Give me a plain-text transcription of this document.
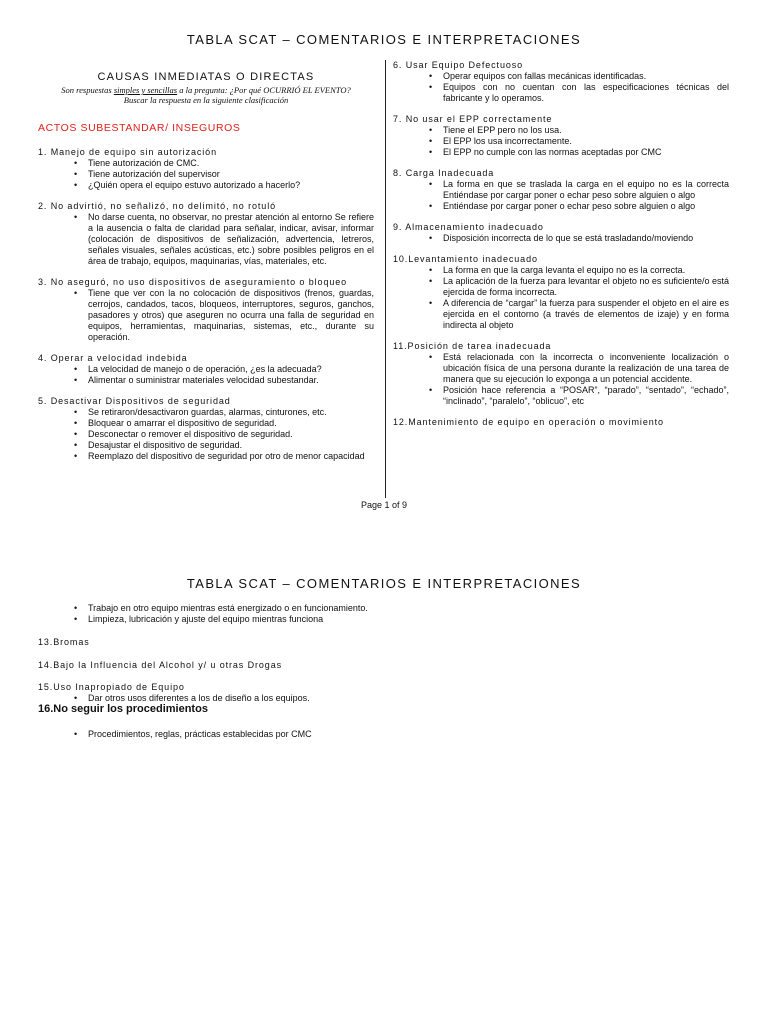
TABLA SCAT – COMENTARIOS E INTERPRETACIONES
CAUSAS INMEDIATAS O DIRECTAS
Son respuestas simples y sencillas a la pregunta: ¿Por qué OCURRIÓ EL EVENTO?
Buscar la respuesta en la siguiente clasificación
ACTOS SUBESTANDAR/ INSEGUROS
1. Manejo de equipo sin autorización
• Tiene autorización de CMC.
• Tiene autorización del supervisor
• ¿Quién opera el equipo estuvo autorizado a hacerlo?
2. No advirtió, no señalizó, no delimitó, no rotuló
• No darse cuenta, no observar, no prestar atención al entorno Se refiere a la ausencia o falta de claridad para señalar, indicar, avisar, informar (colocación de dispositivos de señalización, advertencia, letreros, señales visuales, señales acústicas, etc.) sobre posibles peligros en el área de trabajo, equipos, maquinarias, vías, materiales, etc.
3. No aseguró, no uso dispositivos de aseguramiento o bloqueo
• Tiene que ver con la no colocación de dispositivos (frenos, guardas, cerrojos, candados, tacos, bloqueos, interruptores, seguros, ganchos, pasadores y otros) que aseguren no ocurra una falla de seguridad en equipos, herramientas, maquinarias, sistemas, etc., durante su operación.
4. Operar a velocidad indebida
• La velocidad de manejo o de operación, ¿es la adecuada?
• Alimentar o suministrar materiales velocidad subestandar.
5. Desactivar Dispositivos de seguridad
• Se retiraron/desactivaron guardas, alarmas, cinturones, etc.
• Bloquear o amarrar el dispositivo de seguridad.
• Desconectar o remover el dispositivo de seguridad.
• Desajustar el dispositivo de seguridad.
• Reemplazo del dispositivo de seguridad por otro de menor capacidad
6. Usar Equipo Defectuoso
• Operar equipos con fallas mecánicas identificadas.
• Equipos con no cuentan con las especificaciones técnicas del fabricante y lo operamos.
7. No usar el EPP correctamente
• Tiene el EPP pero no los usa.
• El EPP los usa incorrectamente.
• El EPP no cumple con las normas aceptadas por CMC
8. Carga Inadecuada
• La forma en que se traslada la carga en el equipo no es la correcta Entiéndase por cargar poner o echar peso sobre alguien o algo
• Entiéndase por cargar poner o echar peso sobre alguien o algo
9. Almacenamiento inadecuado
• Disposición incorrecta de lo que se está trasladando/moviendo
10.Levantamiento inadecuado
• La forma en que la carga levanta el equipo no es la correcta.
• La aplicación de la fuerza para levantar el objeto no es suficiente/o está ejercida de forma incorrecta.
• A diferencia de “cargar” la fuerza para suspender el objeto en el aire es ejercida en el contorno (a través de elementos de izaje) y en forma indirecta al objeto
11.Posición de tarea inadecuada
• Está relacionada con la incorrecta o inconveniente localización o ubicación física de una persona durante la realización de una tarea de manera que su ejecución lo exponga a un potencial accidente.
• Posición hace referencia a “POSAR”, “parado”, “sentado”, “echado”, “inclinado”, “paralelo”, “oblicuo”, etc
12.Mantenimiento de equipo en operación o movimiento
Page 1 of 9
TABLA SCAT – COMENTARIOS E INTERPRETACIONES
• Trabajo en otro equipo mientras está energizado o en funcionamiento.
• Limpieza, lubricación y ajuste del equipo mientras funciona
13.Bromas
14.Bajo la Influencia del Alcohol y/ u otras Drogas
15.Uso Inapropiado de Equipo
• Dar otros usos diferentes a los de diseño a los equipos.
16.No seguir los procedimientos
• Procedimientos, reglas, prácticas establecidas por CMC
